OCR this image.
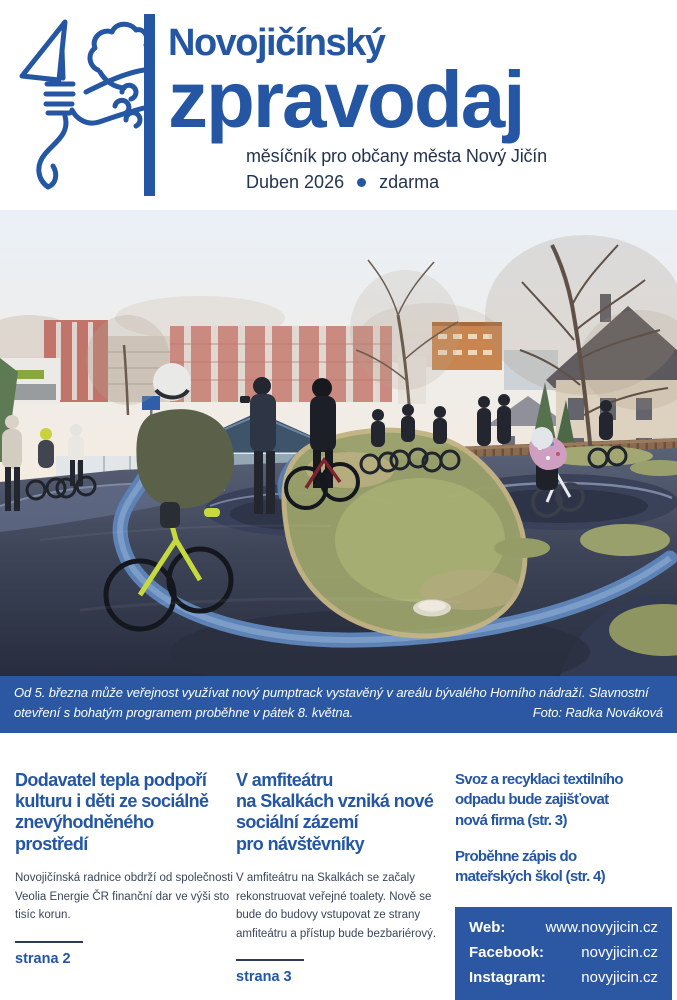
Novojičínský
zpravodaj
měsíčník pro občany města Nový Jičín
Duben 2026 zdarma
Od 5. března může veřejnost využívat nový pumptrack vystavěný v areálu bývalého Horního nádraží. Slavnostní otevření s bohatým programem proběhne v pátek 8. května.	Foto: Radka Nováková
Dodavatel tepla podpoří kulturu i děti ze sociálně znevýhodněného prostředí

Novojičínská radnice obdrží od společnosti Veolia Energie ČR finanční dar ve výši sto tisíc korun.

strana 2
V amfiteátru na Skalkách vzniká nové sociální zázemí pro návštěvníky

V amfiteátru na Skalkách se začaly rekonstruovat veřejné toalety. Nově se bude do budovy vstupovat ze strany amfiteátru a přístup bude bezbariérový.

strana 3
Svoz a recyklaci textilního odpadu bude zajišťovat nová firma (str. 3)
Proběhne zápis do mateřských škol (str. 4)
Web:	www.novyjicin.cz
Facebook: novyjicin.cz
Instagram: novyjicin.cz
